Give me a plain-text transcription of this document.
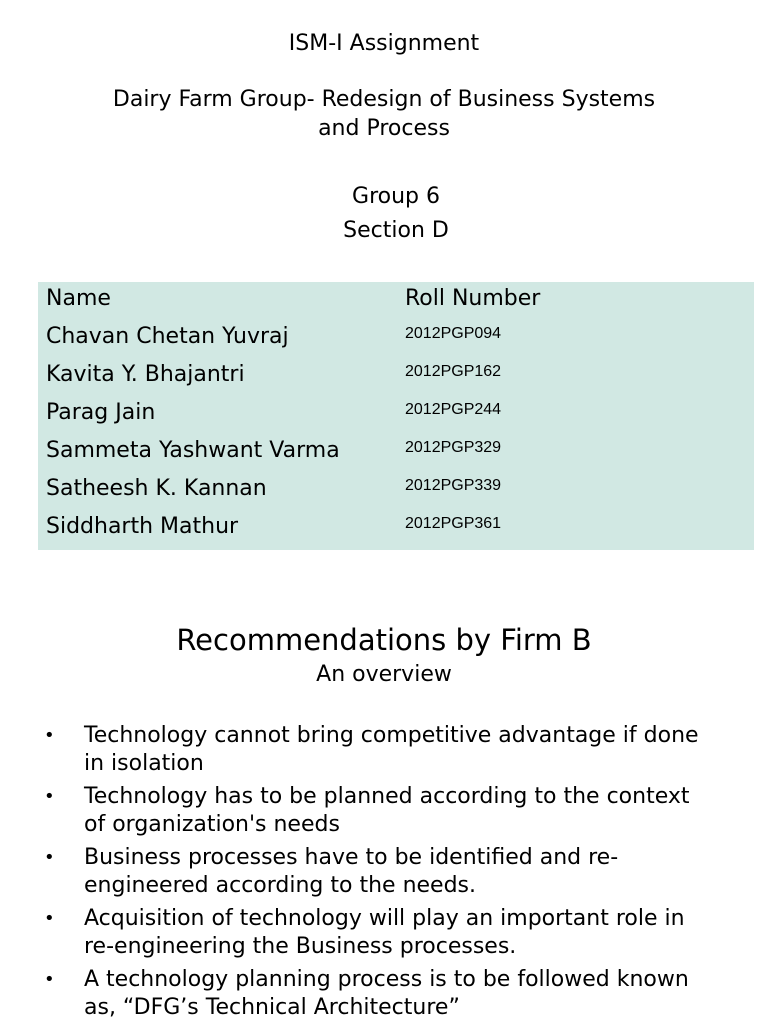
ISM-I Assignment
Dairy Farm Group- Redesign of Business Systems
and Process
Group 6
Section D
Name	Roll Number
Chavan Chetan Yuvraj	2012PGP094
Kavita Y. Bhajantri	2012PGP162
Parag Jain	2012PGP244
Sammeta Yashwant Varma	2012PGP329
Satheesh K. Kannan	2012PGP339
Siddharth Mathur	2012PGP361
Recommendations by Firm B
An overview
• Technology cannot bring competitive advantage if done in isolation
• Technology has to be planned according to the context of organization's needs
• Business processes have to be identified and re-engineered according to the needs.
• Acquisition of technology will play an important role in re-engineering the Business processes.
• A technology planning process is to be followed known as, “DFG’s Technical Architecture”
